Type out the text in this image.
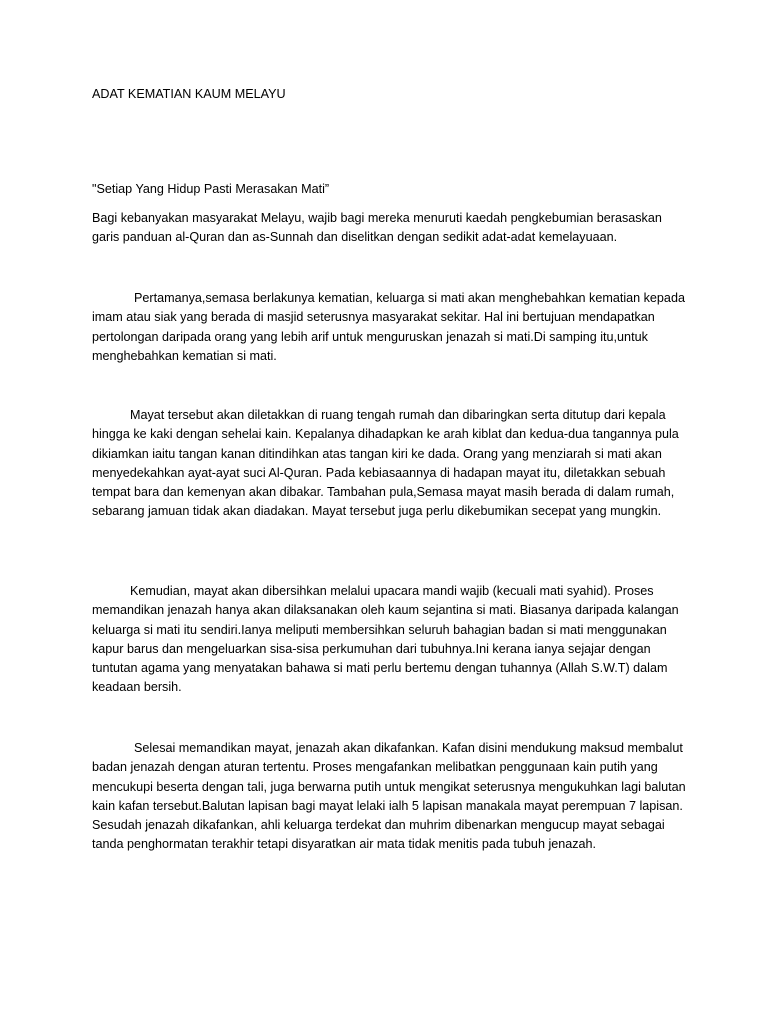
ADAT KEMATIAN KAUM MELAYU

"Setiap Yang Hidup Pasti Merasakan Mati”

Bagi kebanyakan masyarakat Melayu, wajib bagi mereka menuruti kaedah pengkebumian berasaskan garis panduan al-Quran dan as-Sunnah dan diselitkan dengan sedikit adat-adat kemelayuaan.

Pertamanya,semasa berlakunya kematian, keluarga si mati akan menghebahkan kematian kepada imam atau siak yang berada di masjid seterusnya masyarakat sekitar. Hal ini bertujuan mendapatkan pertolongan daripada orang yang lebih arif untuk menguruskan jenazah si mati.Di samping itu,untuk menghebahkan kematian si mati.

Mayat tersebut akan diletakkan di ruang tengah rumah dan dibaringkan serta ditutup dari kepala hingga ke kaki dengan sehelai kain. Kepalanya dihadapkan ke arah kiblat dan kedua-dua tangannya pula dikiamkan iaitu tangan kanan ditindihkan atas tangan kiri ke dada. Orang yang menziarah si mati akan menyedekahkan ayat-ayat suci Al-Quran. Pada kebiasaannya di hadapan mayat itu, diletakkan sebuah tempat bara dan kemenyan akan dibakar. Tambahan pula,Semasa mayat masih berada di dalam rumah, sebarang jamuan tidak akan diadakan. Mayat tersebut juga perlu dikebumikan secepat yang mungkin.

Kemudian, mayat akan dibersihkan melalui upacara mandi wajib (kecuali mati syahid). Proses memandikan jenazah hanya akan dilaksanakan oleh kaum sejantina si mati. Biasanya daripada kalangan keluarga si mati itu sendiri.Ianya meliputi membersihkan seluruh bahagian badan si mati menggunakan kapur barus dan mengeluarkan sisa-sisa perkumuhan dari tubuhnya.Ini kerana ianya sejajar dengan tuntutan agama yang menyatakan bahawa si mati perlu bertemu dengan tuhannya (Allah S.W.T) dalam keadaan bersih.

Selesai memandikan mayat, jenazah akan dikafankan. Kafan disini mendukung maksud membalut badan jenazah dengan aturan tertentu. Proses mengafankan melibatkan penggunaan kain putih yang mencukupi beserta dengan tali, juga berwarna putih untuk mengikat seterusnya mengukuhkan lagi balutan kain kafan tersebut.Balutan lapisan bagi mayat lelaki ialh 5 lapisan manakala mayat perempuan 7 lapisan. Sesudah jenazah dikafankan, ahli keluarga terdekat dan muhrim dibenarkan mengucup mayat sebagai tanda penghormatan terakhir tetapi disyaratkan air mata tidak menitis pada tubuh jenazah.
